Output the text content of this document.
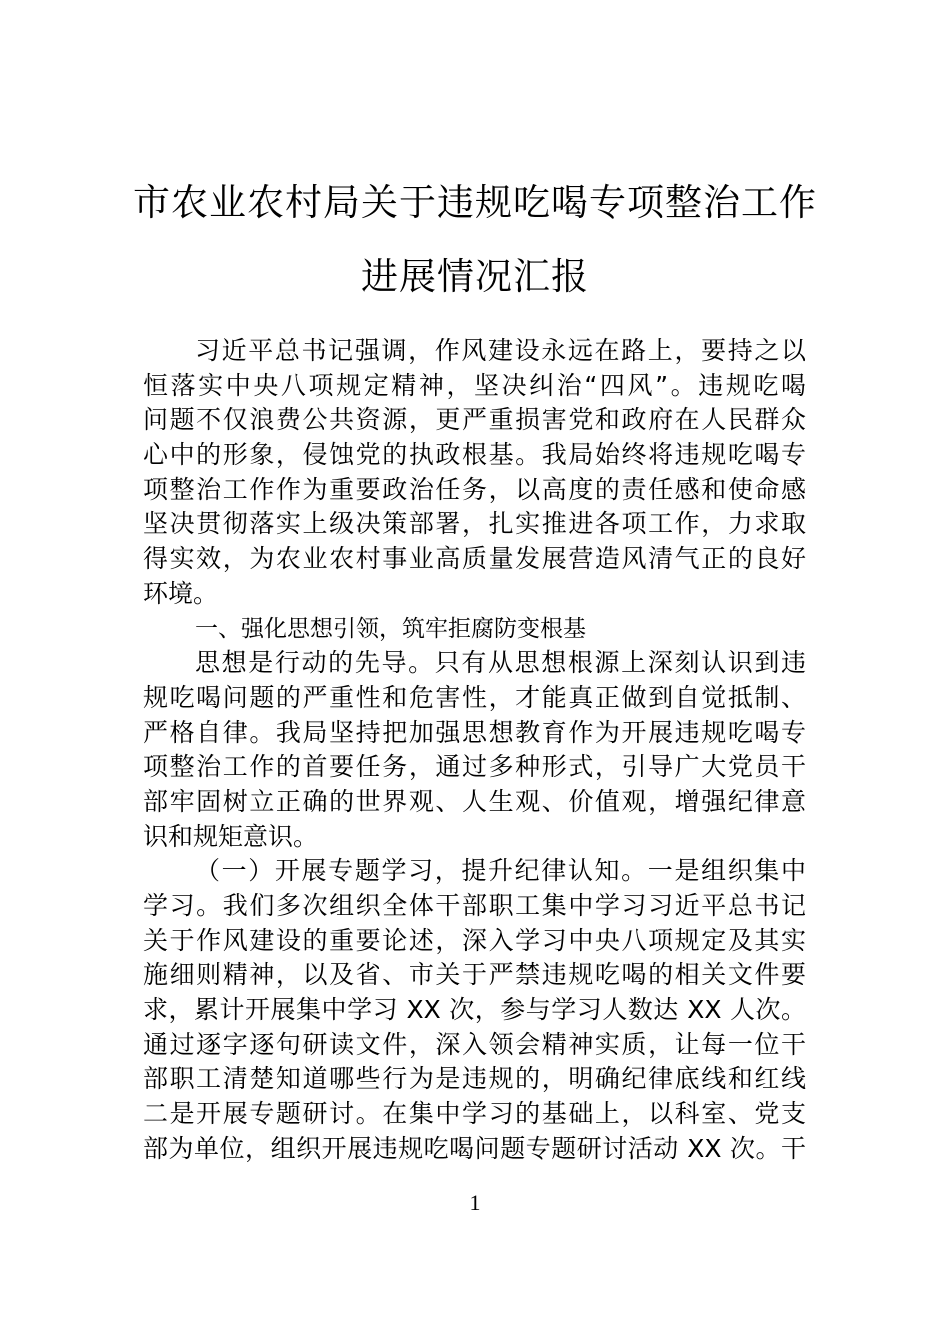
市农业农村局关于违规吃喝专项整治工作
进展情况汇报
习近平总书记强调，作风建设永远在路上，要持之以
恒落实中央八项规定精神，坚决纠治“四风”。违规吃喝
问题不仅浪费公共资源，更严重损害党和政府在人民群众
心中的形象，侵蚀党的执政根基。我局始终将违规吃喝专
项整治工作作为重要政治任务，以高度的责任感和使命感
坚决贯彻落实上级决策部署，扎实推进各项工作，力求取
得实效，为农业农村事业高质量发展营造风清气正的良好
环境。
一、强化思想引领，筑牢拒腐防变根基
思想是行动的先导。只有从思想根源上深刻认识到违
规吃喝问题的严重性和危害性，才能真正做到自觉抵制、
严格自律。我局坚持把加强思想教育作为开展违规吃喝专
项整治工作的首要任务，通过多种形式，引导广大党员干
部牢固树立正确的世界观、人生观、价值观，增强纪律意
识和规矩意识。
（一）开展专题学习，提升纪律认知。一是组织集中
学习。我们多次组织全体干部职工集中学习习近平总书记
关于作风建设的重要论述，深入学习中央八项规定及其实
施细则精神，以及省、市关于严禁违规吃喝的相关文件要
求，累计开展集中学习 XX 次，参与学习人数达 XX 人次。
通过逐字逐句研读文件，深入领会精神实质，让每一位干
部职工清楚知道哪些行为是违规的，明确纪律底线和红线
二是开展专题研讨。在集中学习的基础上，以科室、党支
部为单位，组织开展违规吃喝问题专题研讨活动 XX 次。干
1
